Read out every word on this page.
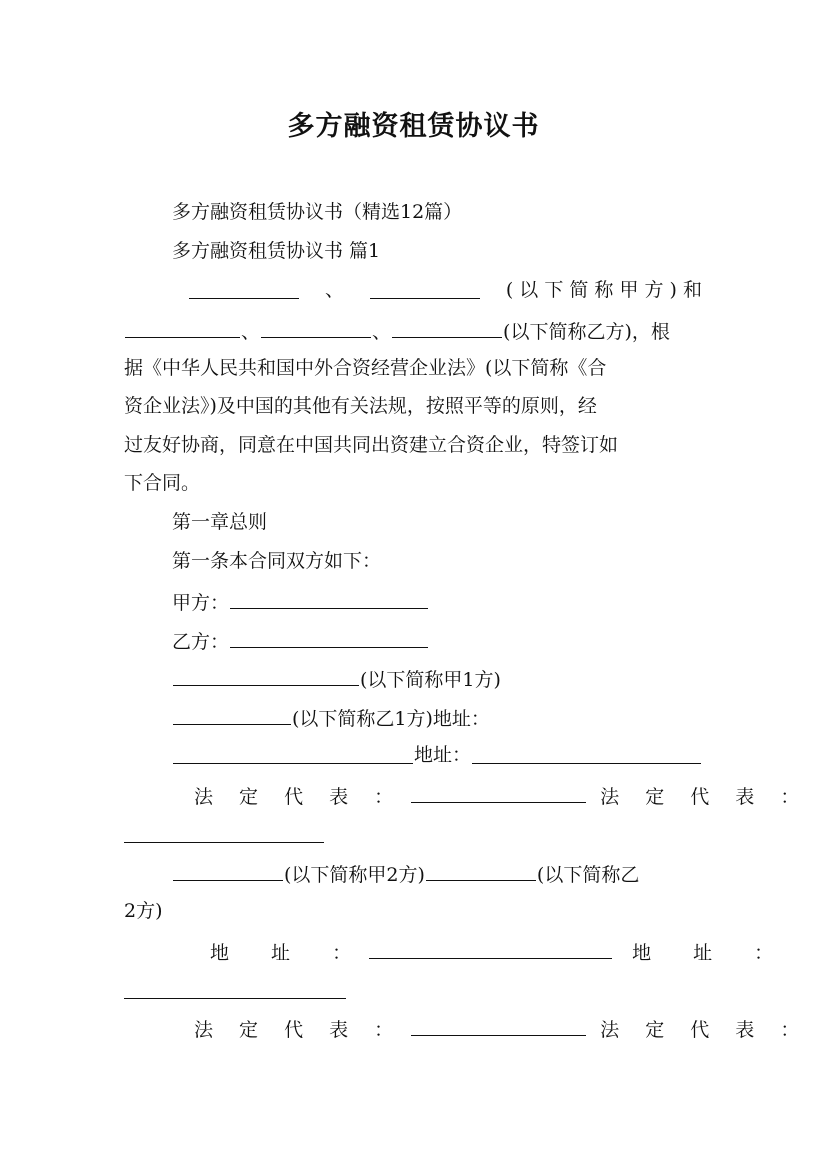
多方融资租赁协议书

多方融资租赁协议书（精选12篇）

多方融资租赁协议书 篇1

、	( 以 下 简 称 甲 方 ) 和
、	、	(以下简称乙方)，根

据《中华人民共和国中外合资经营企业法》(以下简称《合

资企业法》)及中国的其他有关法规，按照平等的原则，经

过友好协商，同意在中国共同出资建立合资企业，特签订如

下合同。

第一章总则

第一条本合同双方如下：

甲方：
乙方：
(以下简称甲1方)
(以下简称乙1方)地址：
地址：
法 定 代 表 ：	法 定 代 表 ：
(以下简称甲2方)	(以下简称乙

2方)

地 址 ：	地 址 ：
法 定 代 表 ：	法 定 代 表 ：
